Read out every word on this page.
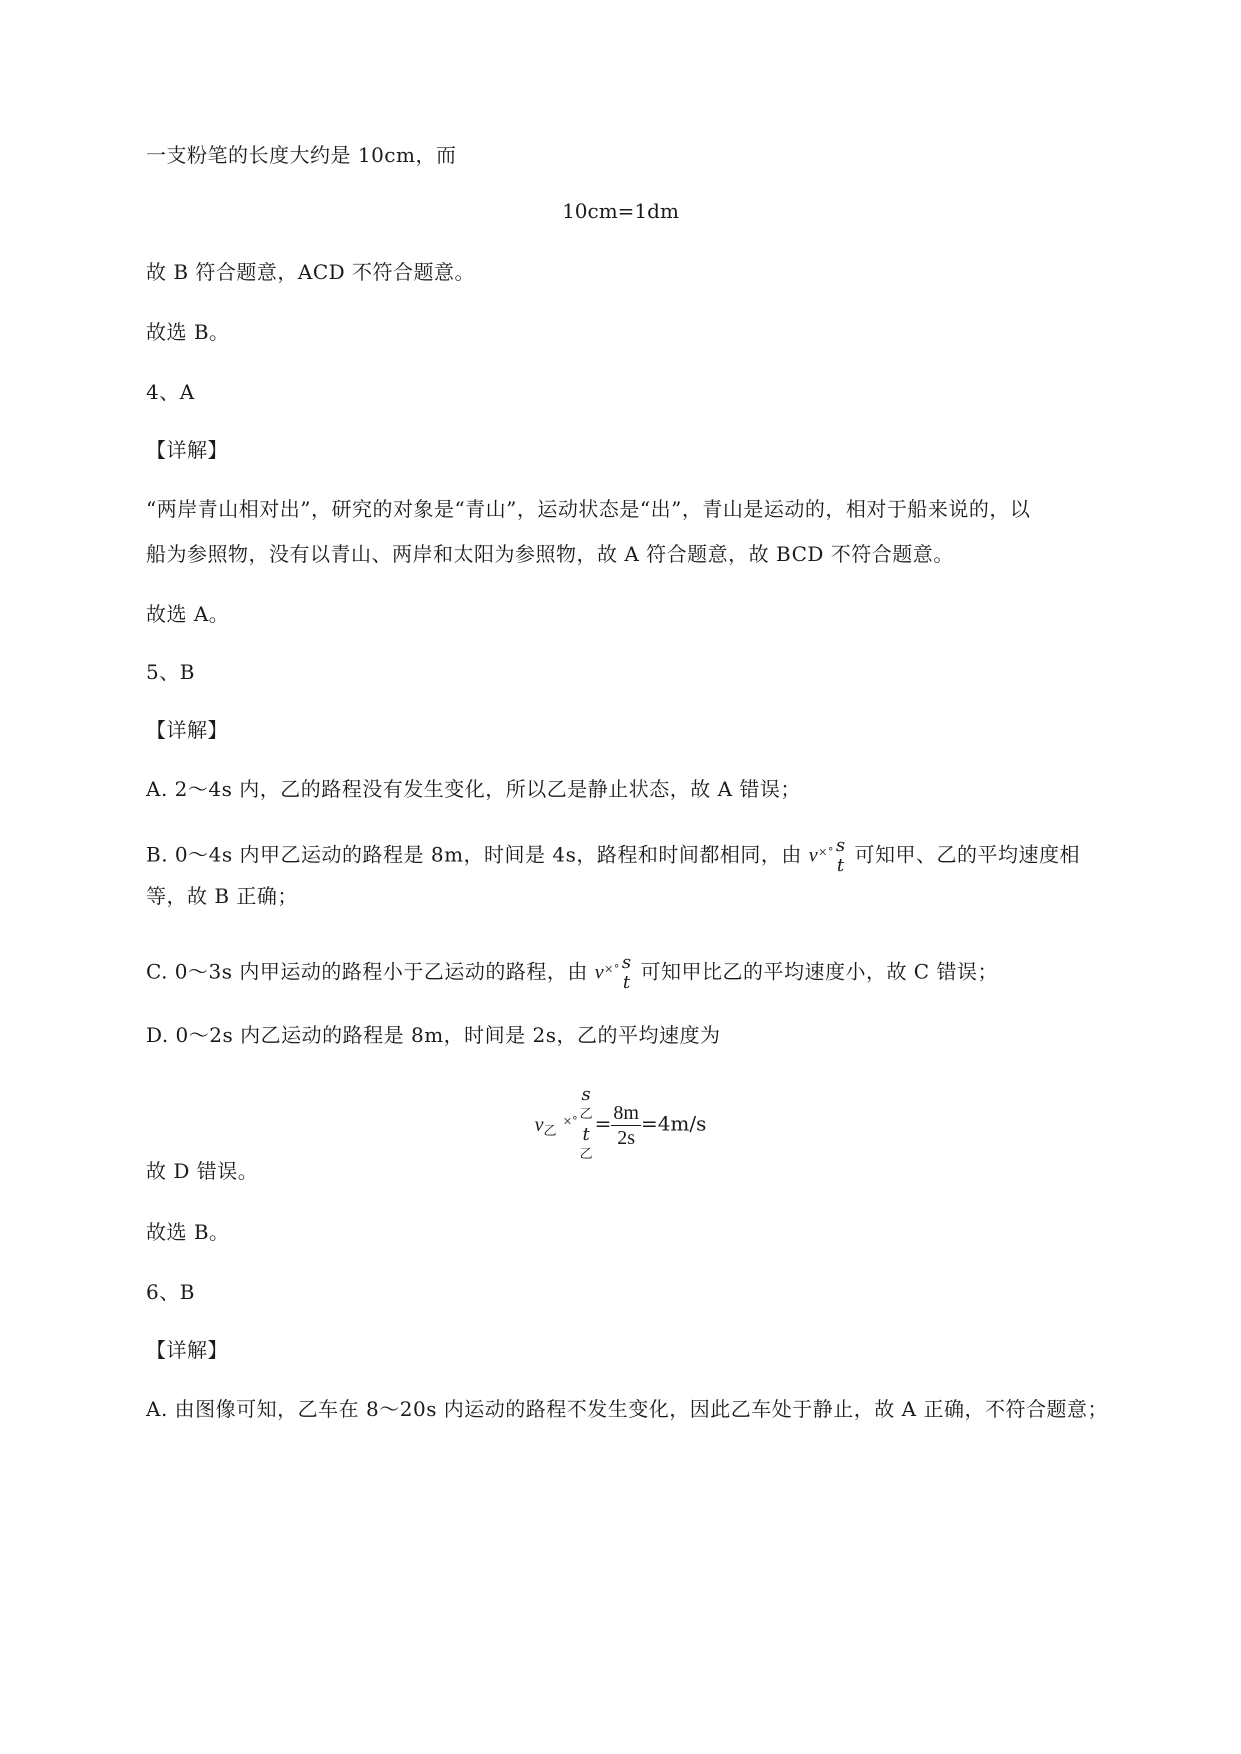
一支粉笔的长度大约是 10cm，而
10cm=1dm
故 B 符合题意，ACD 不符合题意。
故选 B。
4、A
【详解】
“两岸青山相对出”，研究的对象是“青山”，运动状态是“出”，青山是运动的，相对于船来说的，以
船为参照物，没有以青山、两岸和太阳为参照物，故 A 符合题意，故 BCD 不符合题意。
故选 A。
5、B
【详解】
A. 2～4s 内，乙的路程没有发生变化，所以乙是静止状态，故 A 错误；
B. 0～4s 内甲乙运动的路程是 8m，时间是 4s，路程和时间都相同，由 v×° s
t 可知甲、乙的平均速度相
等，故 B 正确；
C. 0～3s 内甲运动的路程小于乙运动的路程，由 v×° s
t 可知甲比乙的平均速度小，故 C 错误；
D. 0～2s 内乙运动的路程是 8m，时间是 2s，乙的平均速度为
$v_乙$ ×°
s
乙
t
乙
= $\frac{8m}{2s} =4m/s$
故 D 错误。
故选 B。
6、B
【详解】
A. 由图像可知，乙车在 8～20s 内运动的路程不发生变化，因此乙车处于静止，故 A 正确，不符合题意；
